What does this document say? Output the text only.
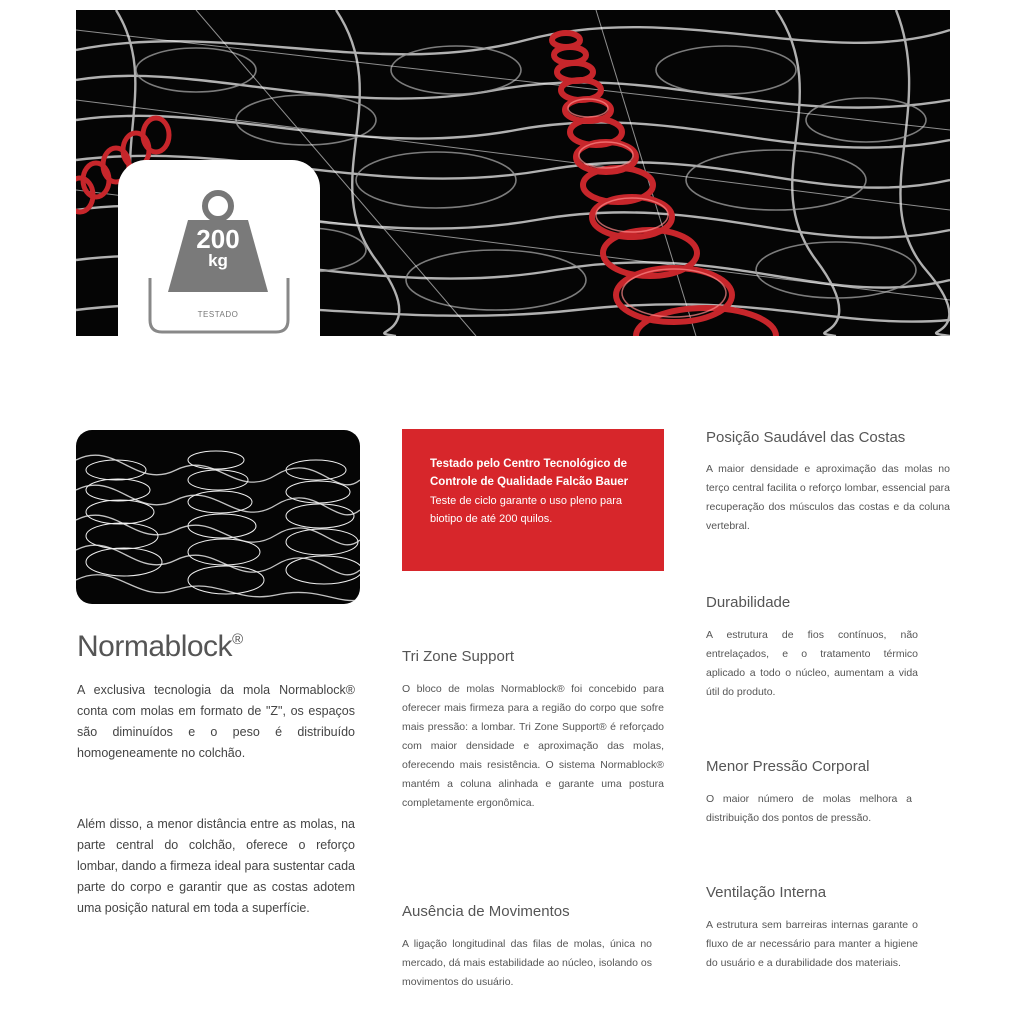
200
kg
TESTADO
Normablock®

A exclusiva tecnologia da mola Normablock® conta com molas em formato de "Z", os espaços são diminuídos e o peso é distribuído homogeneamente no colchão.

Além disso, a menor distância entre as molas, na parte central do colchão, oferece o reforço lombar, dando a firmeza ideal para sustentar cada parte do corpo e garantir que as costas adotem uma posição natural em toda a superfície.

Testado pelo Centro Tecnológico de Controle de Qualidade Falcão Bauer
Teste de ciclo garante o uso pleno para biotipo de até 200 quilos.
Tri Zone Support

O bloco de molas Normablock® foi concebido para oferecer mais firmeza para a região do corpo que sofre mais pressão: a lombar. Tri Zone Support® é reforçado com maior densidade e aproximação das molas, oferecendo mais resistência. O sistema Normablock® mantém a coluna alinhada e garante uma postura completamente ergonômica.

Ausência de Movimentos

A ligação longitudinal das filas de molas, única no mercado, dá mais estabilidade ao núcleo, isolando os movimentos do usuário.

Posição Saudável das Costas

A maior densidade e aproximação das molas no terço central facilita o reforço lombar, essencial para recuperação dos músculos das costas e da coluna vertebral.

Durabilidade

A estrutura de fios contínuos, não entrelaçados, e o tratamento térmico aplicado a todo o núcleo, aumentam a vida útil do produto.

Menor Pressão Corporal

O maior número de molas melhora a distribuição dos pontos de pressão.

Ventilação Interna

A estrutura sem barreiras internas garante o fluxo de ar necessário para manter a higiene do usuário e a durabilidade dos materiais.
